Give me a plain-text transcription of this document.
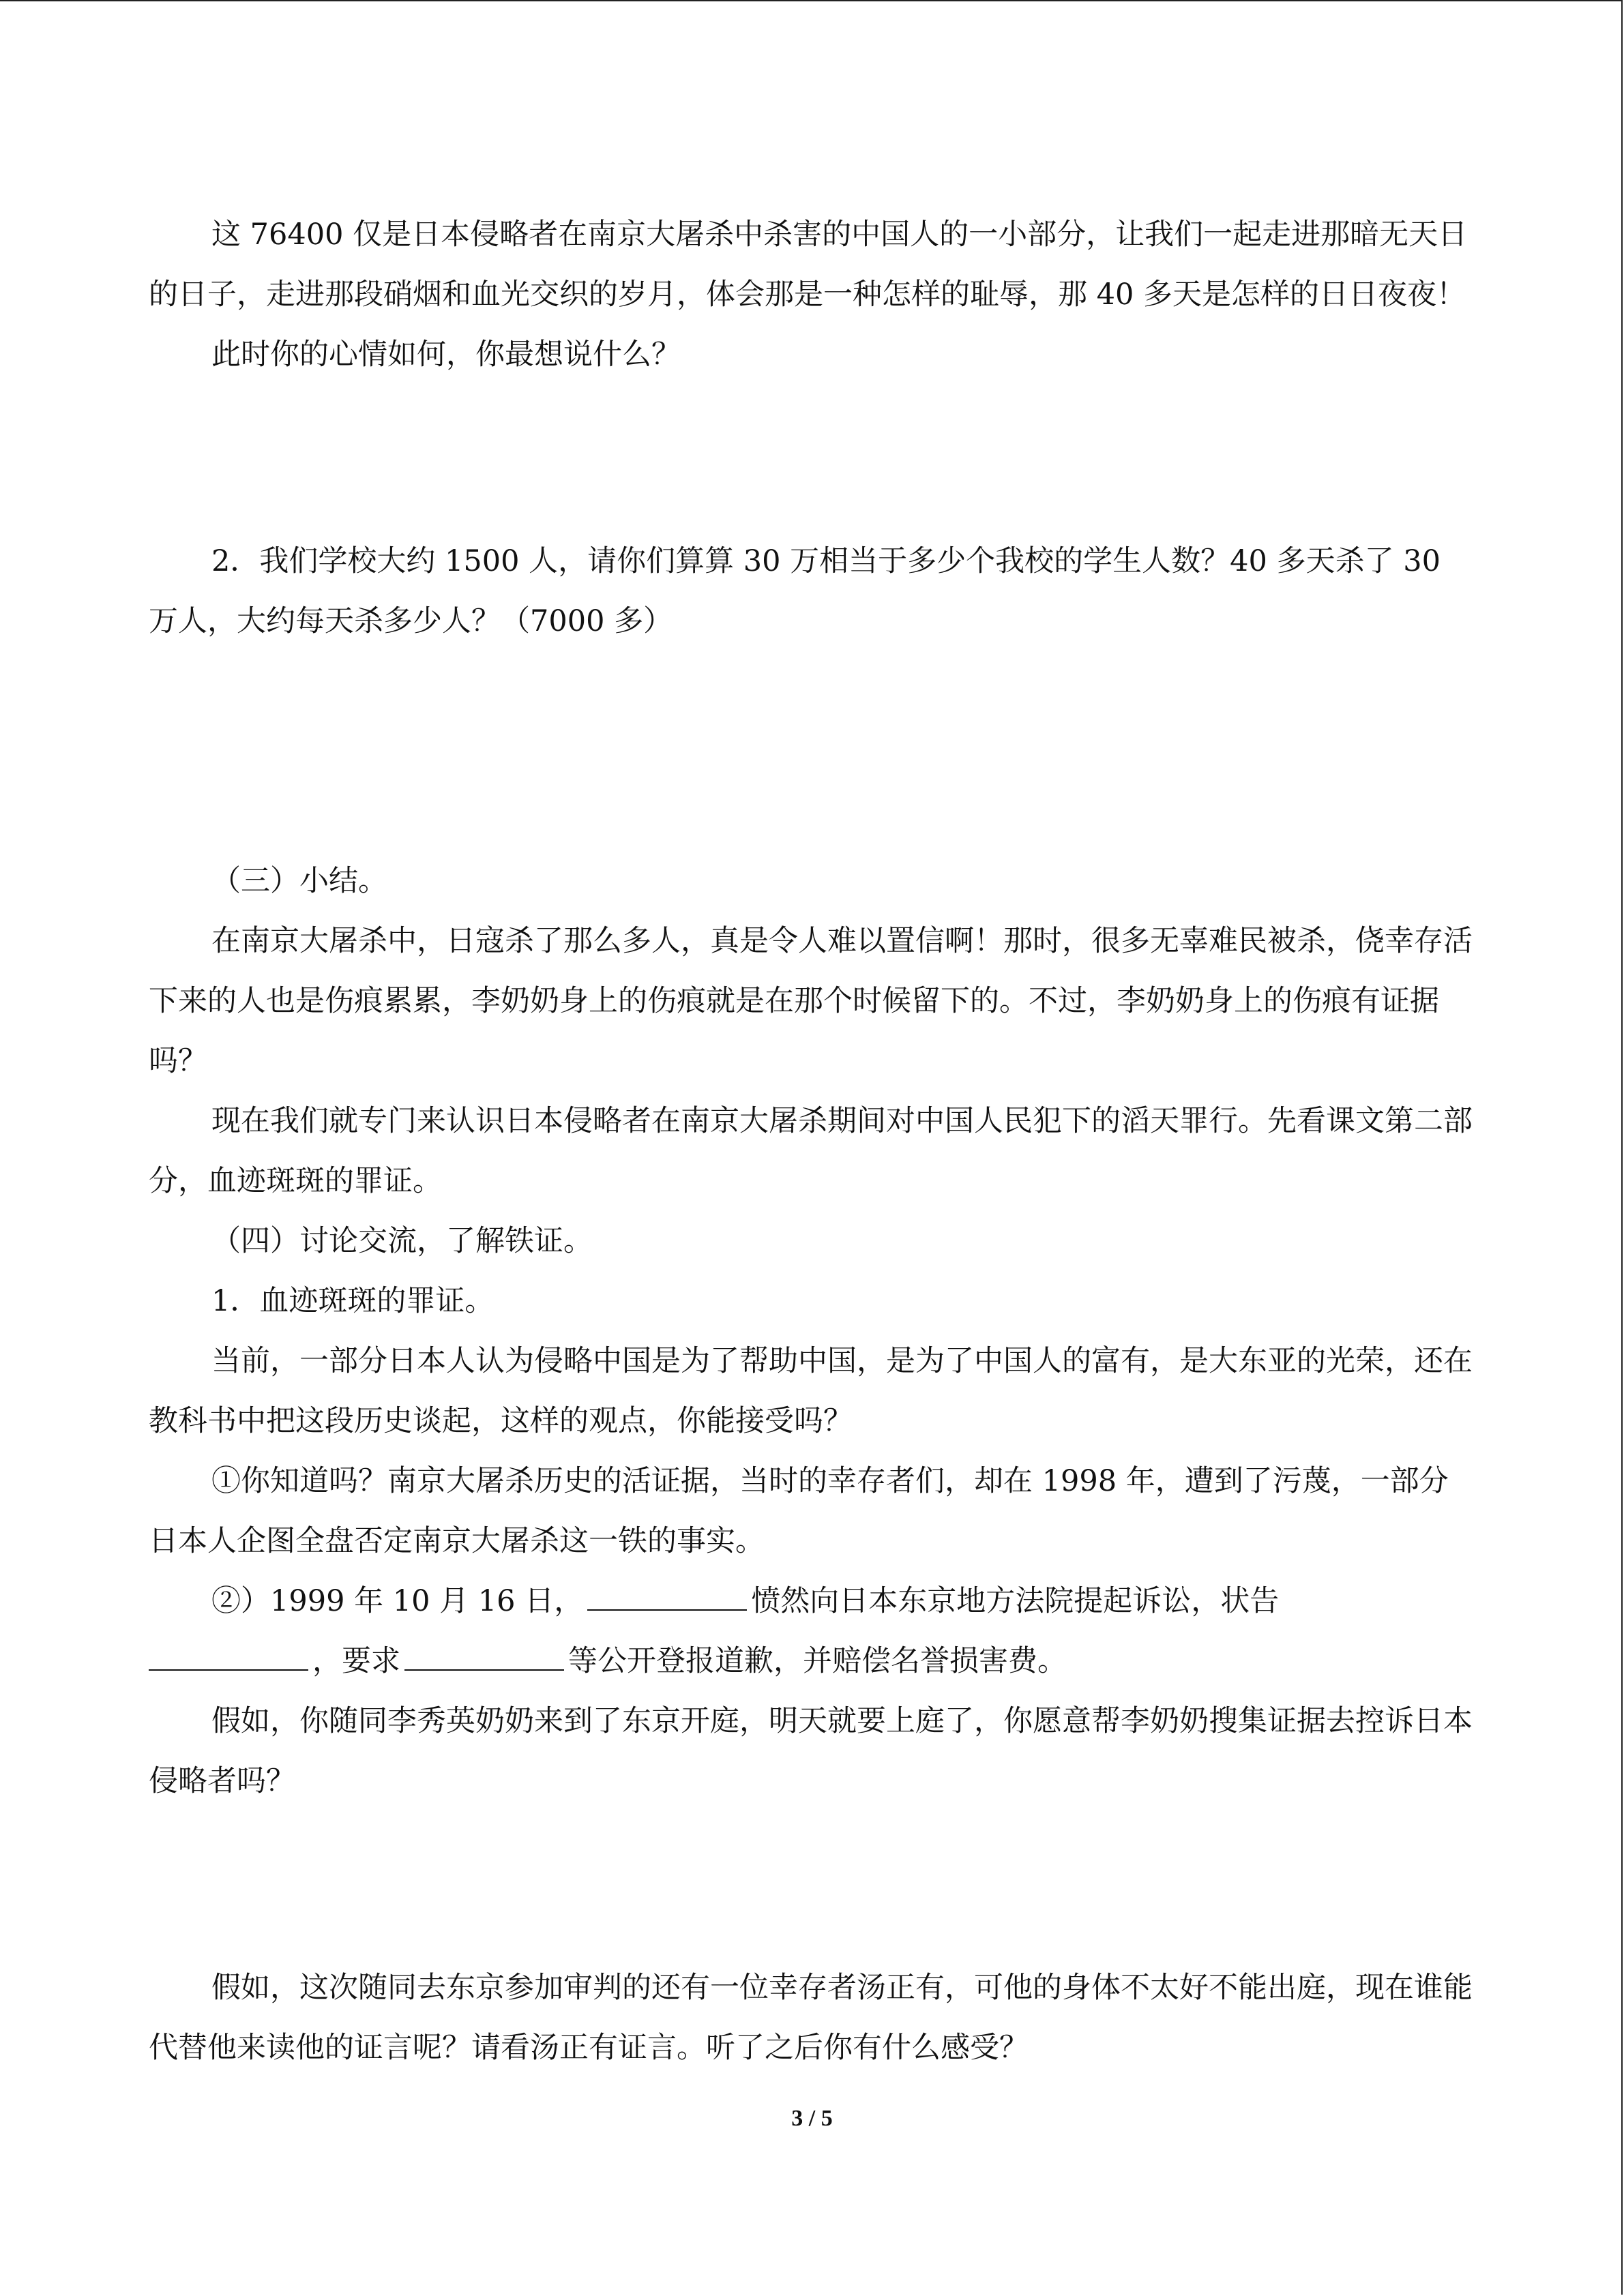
这 76400 仅是日本侵略者在南京大屠杀中杀害的中国人的一小部分，让我们一起走进那暗无天日的日子，走进那段硝烟和血光交织的岁月，体会那是一种怎样的耻辱，那 40 多天是怎样的日日夜夜！

此时你的心情如何，你最想说什么？

2．我们学校大约 1500 人，请你们算算 30 万相当于多少个我校的学生人数？40 多天杀了 30 万人，大约每天杀多少人？（7000 多）

（三）小结。

在南京大屠杀中，日寇杀了那么多人，真是令人难以置信啊！那时，很多无辜难民被杀，侥幸存活下来的人也是伤痕累累，李奶奶身上的伤痕就是在那个时候留下的。不过，李奶奶身上的伤痕有证据吗？

现在我们就专门来认识日本侵略者在南京大屠杀期间对中国人民犯下的滔天罪行。先看课文第二部分，血迹斑斑的罪证。

（四）讨论交流，了解铁证。

1．血迹斑斑的罪证。

当前，一部分日本人认为侵略中国是为了帮助中国，是为了中国人的富有，是大东亚的光荣，还在教科书中把这段历史谈起，这样的观点，你能接受吗？

①你知道吗？南京大屠杀历史的活证据，当时的幸存者们，却在 1998 年，遭到了污蔑，一部分日本人企图全盘否定南京大屠杀这一铁的事实。

②）1999 年 10 月 16 日，	愤然向日本东京地方法院提起诉讼，状告
，要求	等公开登报道歉，并赔偿名誉损害费。

假如，你随同李秀英奶奶来到了东京开庭，明天就要上庭了，你愿意帮李奶奶搜集证据去控诉日本侵略者吗？

假如，这次随同去东京参加审判的还有一位幸存者汤正有，可他的身体不太好不能出庭，现在谁能代替他来读他的证言呢？请看汤正有证言。听了之后你有什么感受？

3 / 5
